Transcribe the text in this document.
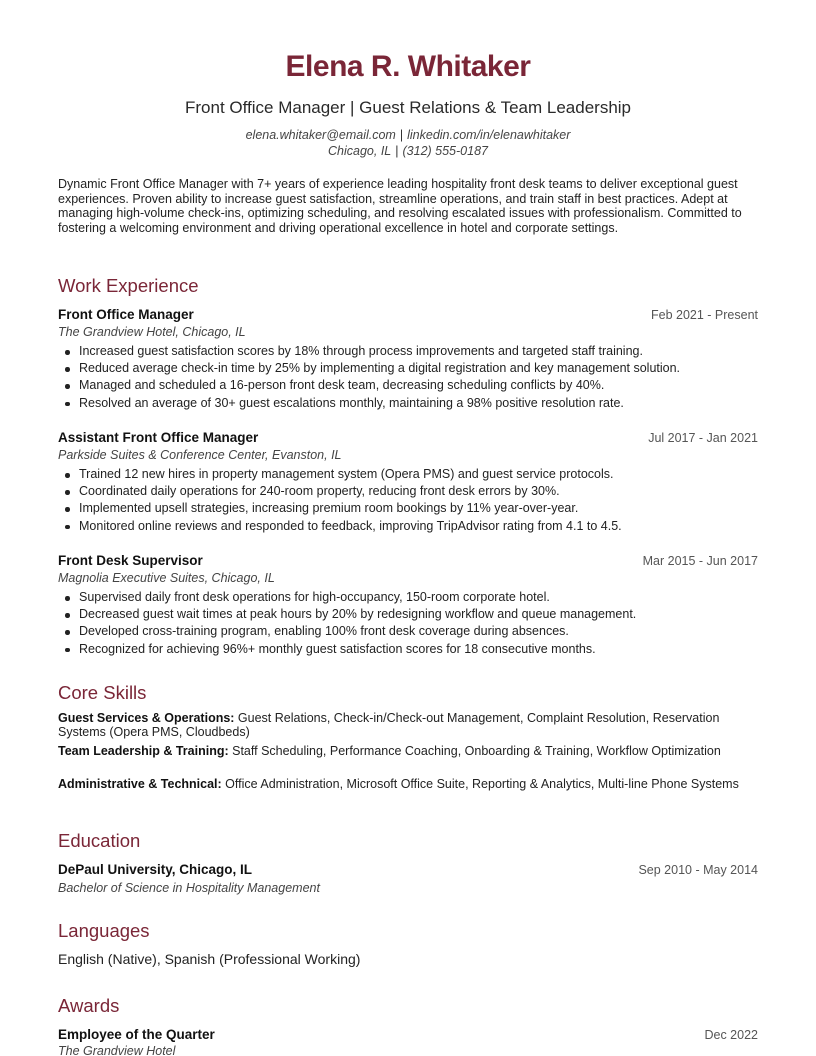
Elena R. Whitaker
Front Office Manager | Guest Relations & Team Leadership
elena.whitaker@email.com | linkedin.com/in/elenawhitaker
Chicago, IL | (312) 555-0187
Dynamic Front Office Manager with 7+ years of experience leading hospitality front desk teams to deliver exceptional guest experiences. Proven ability to increase guest satisfaction, streamline operations, and train staff in best practices. Adept at managing high-volume check-ins, optimizing scheduling, and resolving escalated issues with professionalism. Committed to fostering a welcoming environment and driving operational excellence in hotel and corporate settings.
Work Experience
Front Office Manager	Feb 2021 - Present
The Grandview Hotel, Chicago, IL
Increased guest satisfaction scores by 18% through process improvements and targeted staff training.
Reduced average check-in time by 25% by implementing a digital registration and key management solution.
Managed and scheduled a 16-person front desk team, decreasing scheduling conflicts by 40%.
Resolved an average of 30+ guest escalations monthly, maintaining a 98% positive resolution rate.
Assistant Front Office Manager	Jul 2017 - Jan 2021
Parkside Suites & Conference Center, Evanston, IL
Trained 12 new hires in property management system (Opera PMS) and guest service protocols.
Coordinated daily operations for 240-room property, reducing front desk errors by 30%.
Implemented upsell strategies, increasing premium room bookings by 11% year-over-year.
Monitored online reviews and responded to feedback, improving TripAdvisor rating from 4.1 to 4.5.
Front Desk Supervisor	Mar 2015 - Jun 2017
Magnolia Executive Suites, Chicago, IL
Supervised daily front desk operations for high-occupancy, 150-room corporate hotel.
Decreased guest wait times at peak hours by 20% by redesigning workflow and queue management.
Developed cross-training program, enabling 100% front desk coverage during absences.
Recognized for achieving 96%+ monthly guest satisfaction scores for 18 consecutive months.
Core Skills
Guest Services & Operations: Guest Relations, Check-in/Check-out Management, Complaint Resolution, Reservation Systems (Opera PMS, Cloudbeds)
Team Leadership & Training: Staff Scheduling, Performance Coaching, Onboarding & Training, Workflow Optimization
Administrative & Technical: Office Administration, Microsoft Office Suite, Reporting & Analytics, Multi-line Phone Systems
Education
DePaul University, Chicago, IL	Sep 2010 - May 2014
Bachelor of Science in Hospitality Management
Languages
English (Native), Spanish (Professional Working)
Awards
Employee of the Quarter	Dec 2022
The Grandview Hotel
